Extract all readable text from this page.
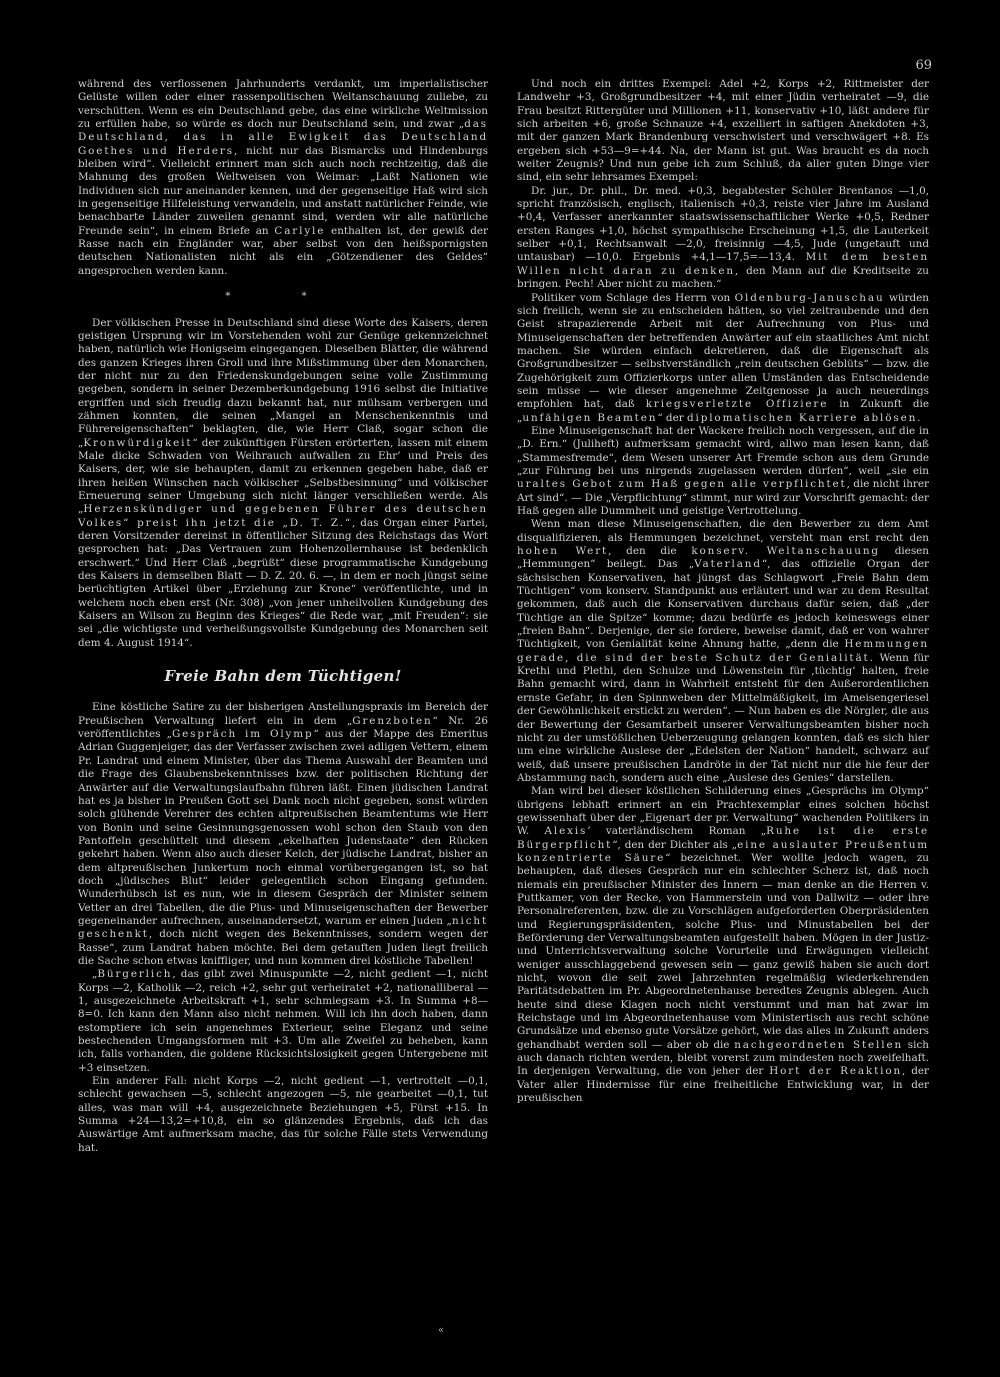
69

während des verflossenen Jahrhunderts verdankt, um imperialistischer Gelüste willen oder einer rassenpolitischen Weltanschauung zuliebe, zu verschütten. Wenn es ein Deutschland gebe, das eine wirkliche Weltmission zu erfüllen habe, so würde es doch nur Deutschland sein, und zwar „das Deutschland, das in alle Ewigkeit das Deutschland Goethes und Herders, nicht nur das Bismarcks und Hindenburgs bleiben wird“. Vielleicht erinnert man sich auch noch rechtzeitig, daß die Mahnung des großen Weltweisen von Weimar: „Laßt Nationen wie Individuen sich nur aneinander kennen, und der gegenseitige Haß wird sich in gegenseitige Hilfeleistung verwandeln, und anstatt natürlicher Feinde, wie benachbarte Länder zuweilen genannt sind, werden wir alle natürliche Freunde sein“, in einem Briefe an Carlyle enthalten ist, der gewiß der Rasse nach ein Engländer war, aber selbst von den heißspornigsten deutschen Nationalisten nicht als ein „Götzendiener des Geldes“ angesprochen werden kann.

* *

Der völkischen Presse in Deutschland sind diese Worte des Kaisers, deren geistigen Ursprung wir im Vorstehenden wohl zur Genüge gekennzeichnet haben, natürlich wie Honigseim eingegangen. Dieselben Blätter, die während des ganzen Krieges ihren Groll und ihre Mißstimmung über den Monarchen, der nicht nur zu den Friedenskundgebungen seine volle Zustimmung gegeben, sondern in seiner Dezemberkundgebung 1916 selbst die Initiative ergriffen und sich freudig dazu bekannt hat, nur mühsam verbergen und zähmen konnten, die seinen „Mangel an Menschenkenntnis und Führereigenschaften“ beklagten, die, wie Herr Claß, sogar schon die „Kronwürdigkeit“ der zukünftigen Fürsten erörterten, lassen mit einem Male dicke Schwaden von Weihrauch aufwallen zu Ehr’ und Preis des Kaisers, der, wie sie behaupten, damit zu erkennen gegeben habe, daß er ihren heißen Wünschen nach völkischer „Selbstbesinnung“ und völkischer Erneuerung seiner Umgebung sich nicht länger verschließen werde. Als „Herzenskündiger und gegebenen Führer des deutschen Volkes“ preist ihn jetzt die „D. T. Z.“, das Organ einer Partei, deren Vorsitzender dereinst in öffentlicher Sitzung des Reichstags das Wort gesprochen hat: „Das Vertrauen zum Hohenzollernhause ist bedenklich erschwert.“ Und Herr Claß „begrüßt“ diese programmatische Kundgebung des Kaisers in demselben Blatt — D. Z. 20. 6. —, in dem er noch jüngst seine berüchtigten Artikel über „Erziehung zur Krone“ veröffentlichte, und in welchem noch eben erst (Nr. 308) „von jener unheilvollen Kundgebung des Kaisers an Wilson zu Beginn des Krieges“ die Rede war, „mit Freuden“: sie sei „die wichtigste und verheißungsvollste Kundgebung des Monarchen seit dem 4. August 1914“.

Freie Bahn dem Tüchtigen!

Eine köstliche Satire zu der bisherigen Anstellungspraxis im Bereich der Preußischen Verwaltung liefert ein in dem „Grenzboten“ Nr. 26 veröffentlichtes „Gespräch im Olymp“ aus der Mappe des Emeritus Adrian Guggenjeiger, das der Verfasser zwischen zwei adligen Vettern, einem Pr. Landrat und einem Minister, über das Thema Auswahl der Beamten und die Frage des Glaubensbekenntnisses bzw. der politischen Richtung der Anwärter auf die Verwaltungslaufbahn führen läßt. Einen jüdischen Landrat hat es ja bisher in Preußen Gott sei Dank noch nicht gegeben, sonst würden solch glühende Verehrer des echten altpreußischen Beamtentums wie Herr von Bonin und seine Gesinnungsgenossen wohl schon den Staub von den Pantoffeln geschüttelt und diesem „ekelhaften Judenstaate“ den Rücken gekehrt haben. Wenn also auch dieser Kelch, der jüdische Landrat, bisher an dem altpreußischen Junkertum noch einmal vorübergegangen ist, so hat doch „jüdisches Blut“ leider gelegentlich schon Eingang gefunden. Wunderhübsch ist es nun, wie in diesem Gespräch der Minister seinem Vetter an drei Tabellen, die die Plus- und Minuseigenschaften der Bewerber gegeneinander aufrechnen, auseinandersetzt, warum er einen Juden „nicht geschenkt, doch nicht wegen des Bekenntnisses, sondern wegen der Rasse“, zum Landrat haben möchte. Bei dem getauften Juden liegt freilich die Sache schon etwas kniffliger, und nun kommen drei köstliche Tabellen!

„Bürgerlich, das gibt zwei Minuspunkte —2, nicht gedient —1, nicht Korps —2, Katholik —2, reich +2, sehr gut verheiratet +2, nationalliberal —1, ausgezeichnete Arbeitskraft +1, sehr schmiegsam +3. In Summa +8—8=0. Ich kann den Mann also nicht nehmen. Will ich ihn doch haben, dann estomptiere ich sein angenehmes Exterieur, seine Eleganz und seine bestechenden Umgangsformen mit +3. Um alle Zweifel zu beheben, kann ich, falls vorhanden, die goldene Rücksichtslosigkeit gegen Untergebene mit +3 einsetzen.

Ein anderer Fall: nicht Korps —2, nicht gedient —1, vertrottelt —0,1, schlecht gewachsen —5, schlecht angezogen —5, nie gearbeitet —0,1, tut alles, was man will +4, ausgezeichnete Beziehungen +5, Fürst +15. In Summa +24—13,2=+10,8, ein so glänzendes Ergebnis, daß ich das Auswärtige Amt aufmerksam mache, das für solche Fälle stets Verwendung hat.

Und noch ein drittes Exempel: Adel +2, Korps +2, Rittmeister der Landwehr +3, Großgrundbesitzer +4, mit einer Jüdin verheiratet —9, die Frau besitzt Rittergüter und Millionen +11, konservativ +10, läßt andere für sich arbeiten +6, große Schnauze +4, exzelliert in saftigen Anekdoten +3, mit der ganzen Mark Brandenburg verschwistert und verschwägert +8. Es ergeben sich +53—9=+44. Na, der Mann ist gut. Was braucht es da noch weiter Zeugnis? Und nun gebe ich zum Schluß, da aller guten Dinge vier sind, ein sehr lehrsames Exempel:

Dr. jur., Dr. phil., Dr. med. +0,3, begabtester Schüler Brentanos —1,0, spricht französisch, englisch, italienisch +0,3, reiste vier Jahre im Ausland +0,4, Verfasser anerkannter staatswissenschaftlicher Werke +0,5, Redner ersten Ranges +1,0, höchst sympathische Erscheinung +1,5, die Lauterkeit selber +0,1, Rechtsanwalt —2,0, freisinnig —4,5, Jude (ungetauft und untausbar) —10,0. Ergebnis +4,1—17,5=—13,4. Mit dem besten Willen nicht daran zu denken, den Mann auf die Kreditseite zu bringen. Pech! Aber nicht zu machen.“

Politiker vom Schlage des Herrn von Oldenburg-Januschau würden sich freilich, wenn sie zu entscheiden hätten, so viel zeitraubende und den Geist strapazierende Arbeit mit der Aufrechnung von Plus- und Minuseigenschaften der betreffenden Anwärter auf ein staatliches Amt nicht machen. Sie würden einfach dekretieren, daß die Eigenschaft als Großgrundbesitzer — selbstverständlich „rein deutschen Geblüts“ — bzw. die Zugehörigkeit zum Offizierkorps unter allen Umständen das Entscheidende sein müsse — wie dieser angenehme Zeitgenosse ja auch neuerdings empfohlen hat, daß kriegsverletzte Offiziere in Zukunft die „unfähigen Beamten“ der diplomatischen Karriere ablösen.

Eine Minuseigenschaft hat der Wackere freilich noch vergessen, auf die in „D. Ern.“ (Juliheft) aufmerksam gemacht wird, allwo man lesen kann, daß „Stammesfremde“, dem Wesen unserer Art Fremde schon aus dem Grunde „zur Führung bei uns nirgends zugelassen werden dürfen“, weil „sie ein uraltes Gebot zum Haß gegen alle verpflichtet, die nicht ihrer Art sind“. — Die „Verpflichtung“ stimmt, nur wird zur Vorschrift gemacht: der Haß gegen alle Dummheit und geistige Vertrottelung.

Wenn man diese Minuseigenschaften, die den Bewerber zu dem Amt disqualifizieren, als Hemmungen bezeichnet, versteht man erst recht den hohen Wert, den die konserv. Weltanschauung diesen „Hemmungen“ beilegt. Das „Vaterland“, das offizielle Organ der sächsischen Konservativen, hat jüngst das Schlagwort „Freie Bahn dem Tüchtigen“ vom konserv. Standpunkt aus erläutert und war zu dem Resultat gekommen, daß auch die Konservativen durchaus dafür seien, daß „der Tüchtige an die Spitze“ komme; dazu bedürfe es jedoch keineswegs einer „freien Bahn“. Derjenige, der sie fordere, beweise damit, daß er von wahrer Tüchtigkeit, von Genialität keine Ahnung hatte, „denn die Hemmungen gerade, die sind der beste Schutz der Genialität. Wenn für Krethi und Plethi, den Schulze und Löwenstein für ‚tüchtig‘ halten, freie Bahn gemacht wird, dann in Wahrheit entsteht für den Außerordentlichen ernste Gefahr, in den Spinnweben der Mittelmäßigkeit, im Ameisengeriesel der Gewöhnlichkeit erstickt zu werden“. — Nun haben es die Nörgler, die aus der Bewertung der Gesamtarbeit unserer Verwaltungsbeamten bisher noch nicht zu der umstößlichen Ueberzeugung gelangen konnten, daß es sich hier um eine wirkliche Auslese der „Edelsten der Nation“ handelt, schwarz auf weiß, daß unsere preußischen Landröte in der Tat nicht nur die hie feur der Abstammung nach, sondern auch eine „Auslese des Genies“ darstellen.

Man wird bei dieser köstlichen Schilderung eines „Gesprächs im Olymp“ übrigens lebhaft erinnert an ein Prachtexemplar eines solchen höchst gewissenhaft über der „Eigenart der pr. Verwaltung“ wachenden Politikers in W. Alexis’ vaterländischem Roman „Ruhe ist die erste Bürgerpflicht“, den der Dichter als „eine auslauter Preußentum konzentrierte Säure“ bezeichnet. Wer wollte jedoch wagen, zu behaupten, daß dieses Gespräch nur ein schlechter Scherz ist, daß noch niemals ein preußischer Minister des Innern — man denke an die Herren v. Puttkamer, von der Recke, von Hammerstein und von Dallwitz — oder ihre Personalreferenten, bzw. die zu Vorschlägen aufgeforderten Oberpräsidenten und Regierungspräsidenten, solche Plus- und Minustabellen bei der Beförderung der Verwaltungsbeamten aufgestellt haben. Mögen in der Justiz- und Unterrichtsverwaltung solche Vorurteile und Erwägungen vielleicht weniger ausschlaggebend gewesen sein — ganz gewiß haben sie auch dort nicht, wovon die seit zwei Jahrzehnten regelmäßig wiederkehrenden Paritätsdebatten im Pr. Abgeordnetenhause beredtes Zeugnis ablegen. Auch heute sind diese Klagen noch nicht verstummt und man hat zwar im Reichstage und im Abgeordnetenhause vom Ministertisch aus recht schöne Grundsätze und ebenso gute Vorsätze gehört, wie das alles in Zukunft anders gehandhabt werden soll — aber ob die nachgeordneten Stellen sich auch danach richten werden, bleibt vorerst zum mindesten noch zweifelhaft. In derjenigen Verwaltung, die von jeher der Hort der Reaktion, der Vater aller Hindernisse für eine freiheitliche Entwicklung war, in der preußischen

«
